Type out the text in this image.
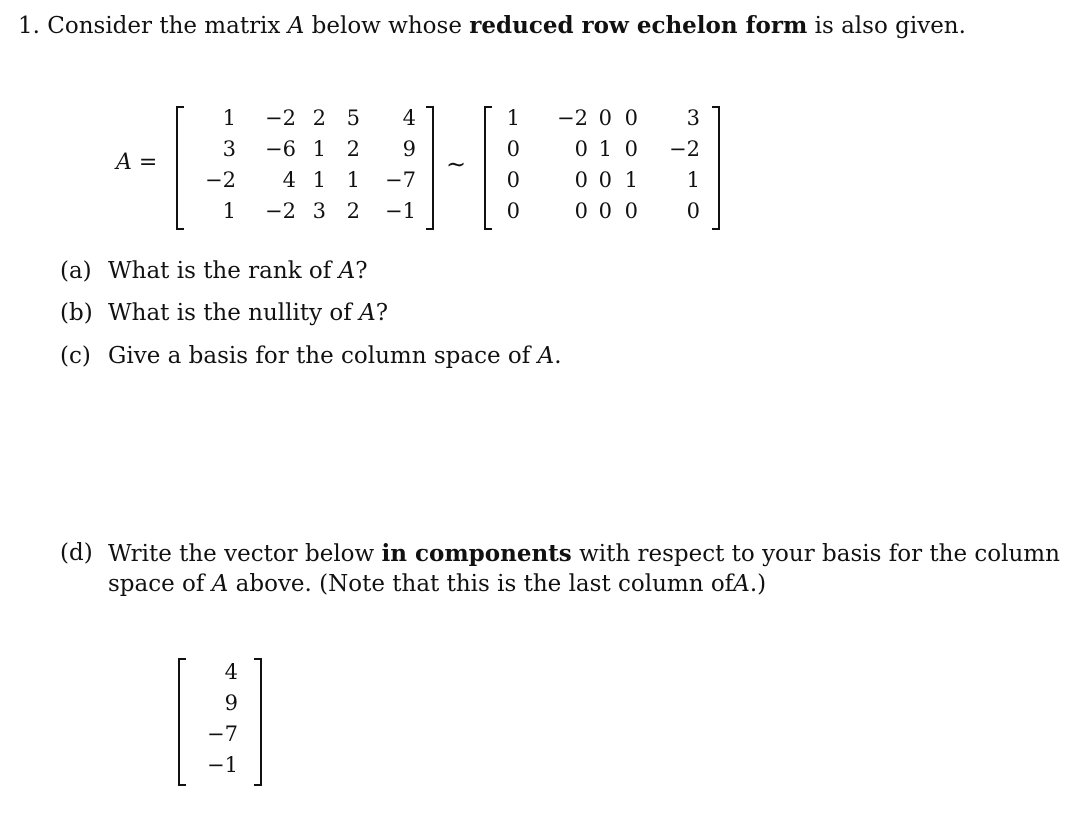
1. Consider the matrix A below whose reduced row echelon form is also given.
A =
1 −2 2 5 4
3 −6 1 2 9
−2 4 1 1 −7
1 −2 3 2 −1
∼
1 −2 0 0 3
0	0 1 0 −2
0	0 0 1 1
0	0 0 0 0
(a) What is the rank of A?
(b) What is the nullity of A?
(c) Give a basis for the column space of A.
(d) Write the vector below in components with respect to your basis for the column
space of A above. (Note that this is the last column ofA.)
4
9
−7
−1
